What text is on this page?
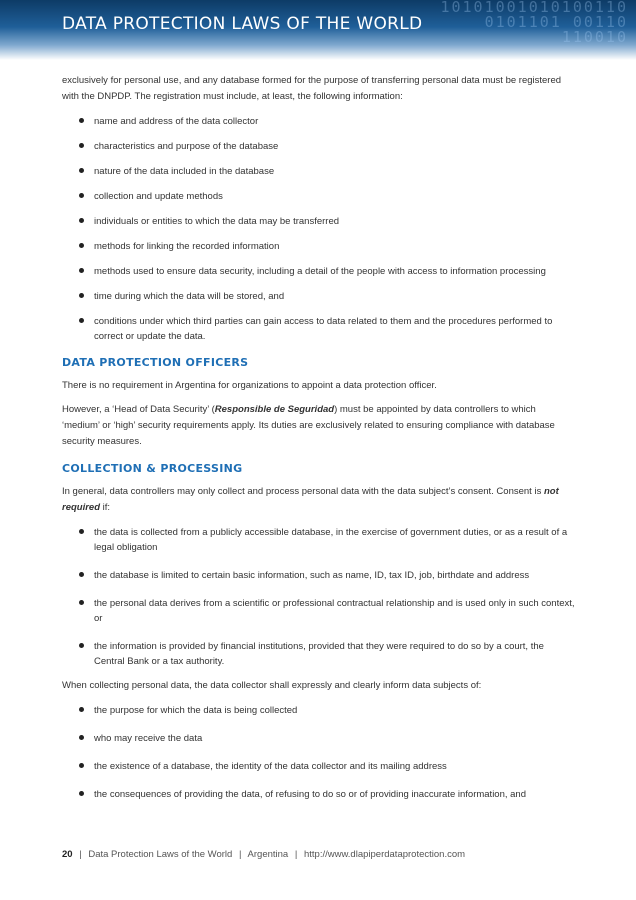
10101001010100110
0101101 00110
110010
DATA PROTECTION LAWS OF THE WORLD

exclusively for personal use, and any database formed for the purpose of transferring personal data must be registered with the DNPDP. The registration must include, at least, the following information:

name and address of the data collector
characteristics and purpose of the database
nature of the data included in the database
collection and update methods
individuals or entities to which the data may be transferred
methods for linking the recorded information
methods used to ensure data security, including a detail of the people with access to information processing
time during which the data will be stored, and
conditions under which third parties can gain access to data related to them and the procedures performed to correct or update the data.
DATA PROTECTION OFFICERS

There is no requirement in Argentina for organizations to appoint a data protection officer.

However, a ‘Head of Data Security’ (Responsible de Seguridad) must be appointed by data controllers to which ‘medium’ or ‘high’ security requirements apply. Its duties are exclusively related to ensuring compliance with database security measures.

COLLECTION & PROCESSING

In general, data controllers may only collect and process personal data with the data subject’s consent. Consent is not required if:

the data is collected from a publicly accessible database, in the exercise of government duties, or as a result of a legal obligation
the database is limited to certain basic information, such as name, ID, tax ID, job, birthdate and address
the personal data derives from a scientific or professional contractual relationship and is used only in such context, or
the information is provided by financial institutions, provided that they were required to do so by a court, the Central Bank or a tax authority.

When collecting personal data, the data collector shall expressly and clearly inform data subjects of:

the purpose for which the data is being collected
who may receive the data
the existence of a database, the identity of the data collector and its mailing address
the consequences of providing the data, of refusing to do so or of providing inaccurate information, and
20 | Data Protection Laws of the World | Argentina | http://www.dlapiperdataprotection.com
